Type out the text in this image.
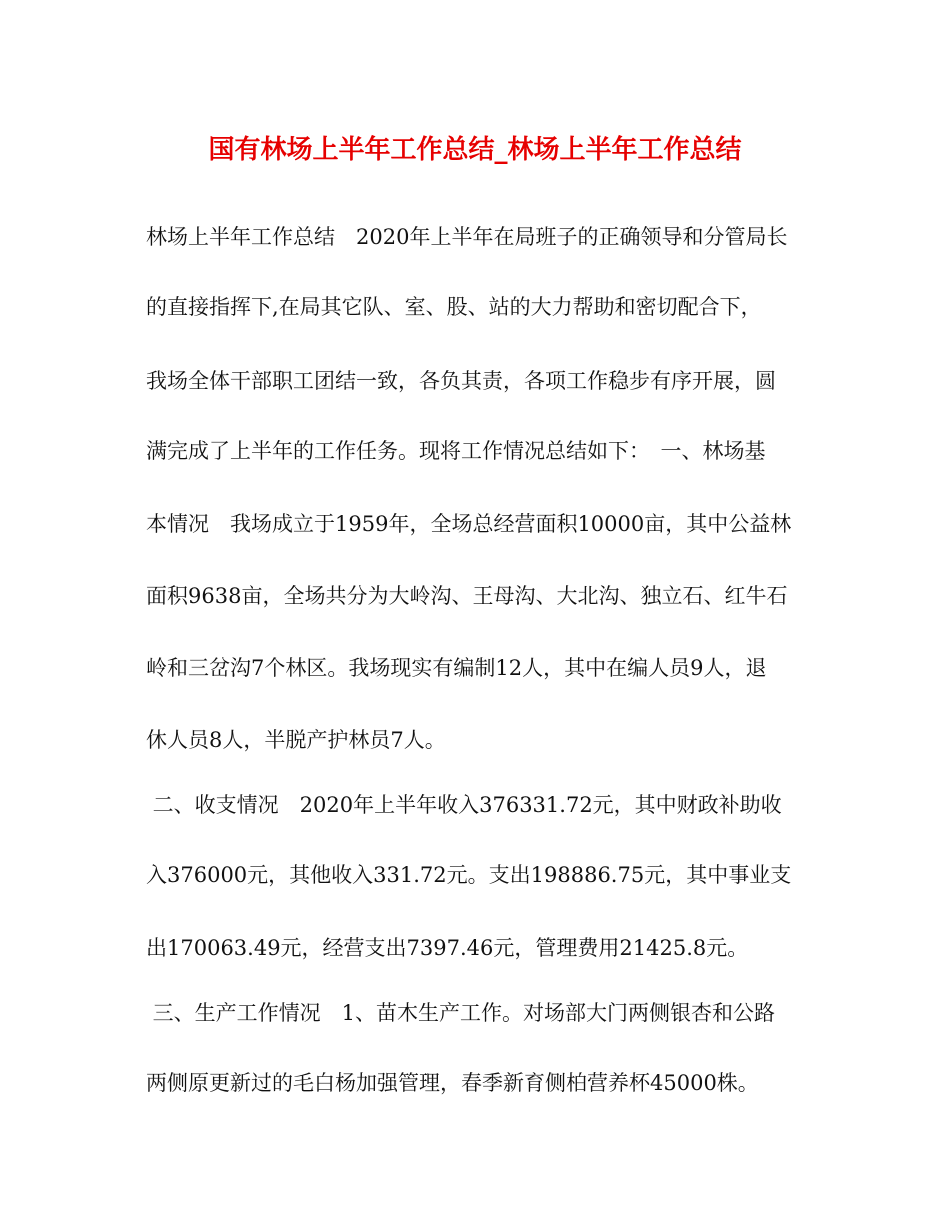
国有林场上半年工作总结_林场上半年工作总结
林场上半年工作总结　2020年上半年在局班子的正确领导和分管局长
的直接指挥下,在局其它队、室、股、站的大力帮助和密切配合下，
我场全体干部职工团结一致，各负其责，各项工作稳步有序开展，圆
满完成了上半年的工作任务。现将工作情况总结如下：　一、林场基
本情况　我场成立于1959年，全场总经营面积10000亩，其中公益林
面积9638亩，全场共分为大岭沟、王母沟、大北沟、独立石、红牛石
岭和三岔沟7个林区。我场现实有编制12人，其中在编人员9人，退
休人员8人，半脱产护林员7人。
二、收支情况　2020年上半年收入376331.72元，其中财政补助收
入376000元，其他收入331.72元。支出198886.75元，其中事业支
出170063.49元，经营支出7397.46元，管理费用21425.8元。
三、生产工作情况　1、苗木生产工作。对场部大门两侧银杏和公路
两侧原更新过的毛白杨加强管理，春季新育侧柏营养杯45000株。
